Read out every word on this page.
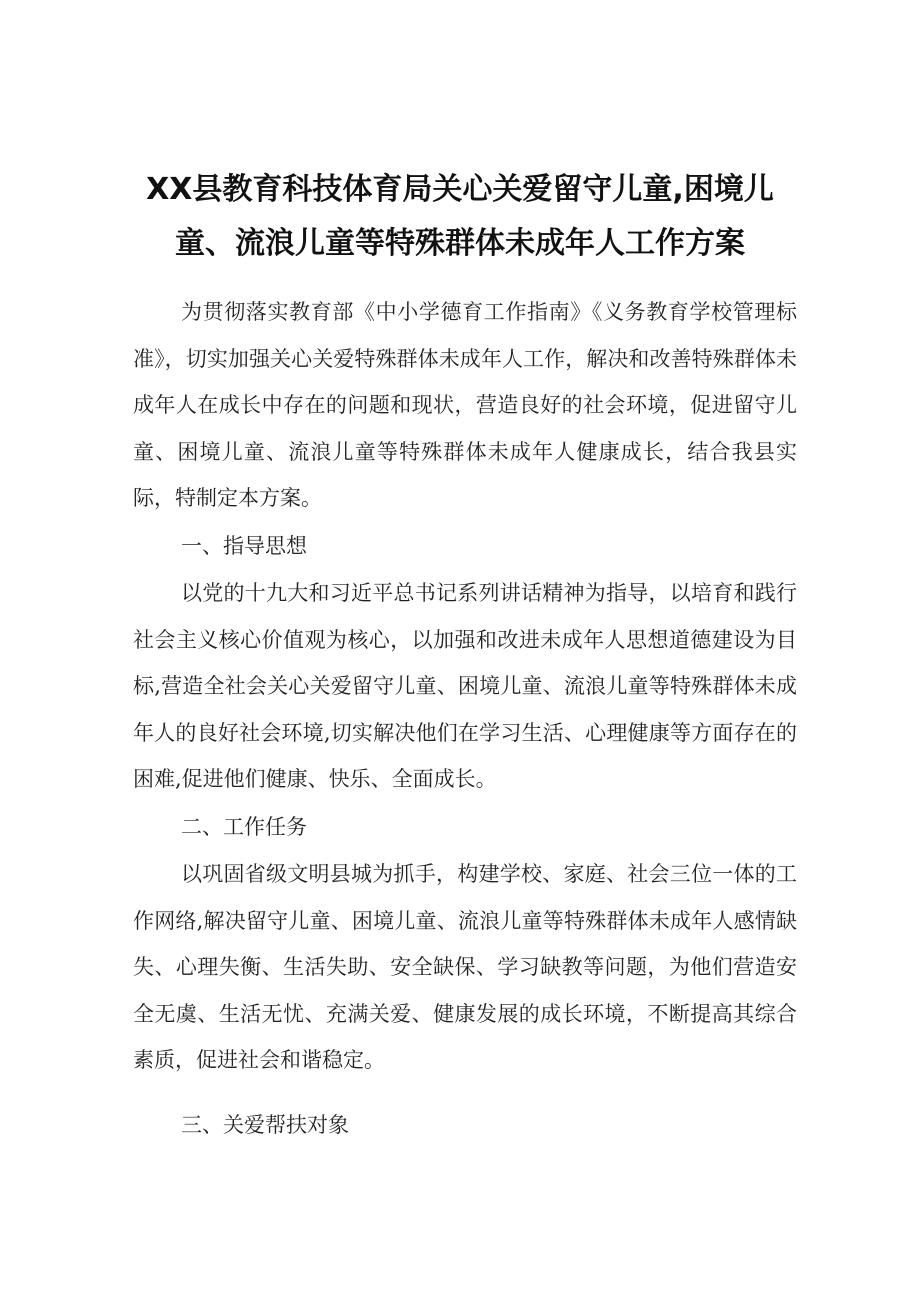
XX县教育科技体育局关心关爱留守儿童,困境儿
童、流浪儿童等特殊群体未成年人工作方案

为贯彻落实教育部《中小学德育工作指南》《义务教育学校管理标准》，切实加强关心关爱特殊群体未成年人工作，解决和改善特殊群体未成年人在成长中存在的问题和现状，营造良好的社会环境，促进留守儿童、困境儿童、流浪儿童等特殊群体未成年人健康成长，结合我县实际，特制定本方案。

一、指导思想

以党的十九大和习近平总书记系列讲话精神为指导，以培育和践行社会主义核心价值观为核心，以加强和改进未成年人思想道德建设为目标,营造全社会关心关爱留守儿童、困境儿童、流浪儿童等特殊群体未成年人的良好社会环境,切实解决他们在学习生活、心理健康等方面存在的困难,促进他们健康、快乐、全面成长。

二、工作任务

以巩固省级文明县城为抓手，构建学校、家庭、社会三位一体的工作网络,解决留守儿童、困境儿童、流浪儿童等特殊群体未成年人感情缺失、心理失衡、生活失助、安全缺保、学习缺教等问题，为他们营造安全无虞、生活无忧、充满关爱、健康发展的成长环境，不断提高其综合素质，促进社会和谐稳定。

三、关爱帮扶对象
